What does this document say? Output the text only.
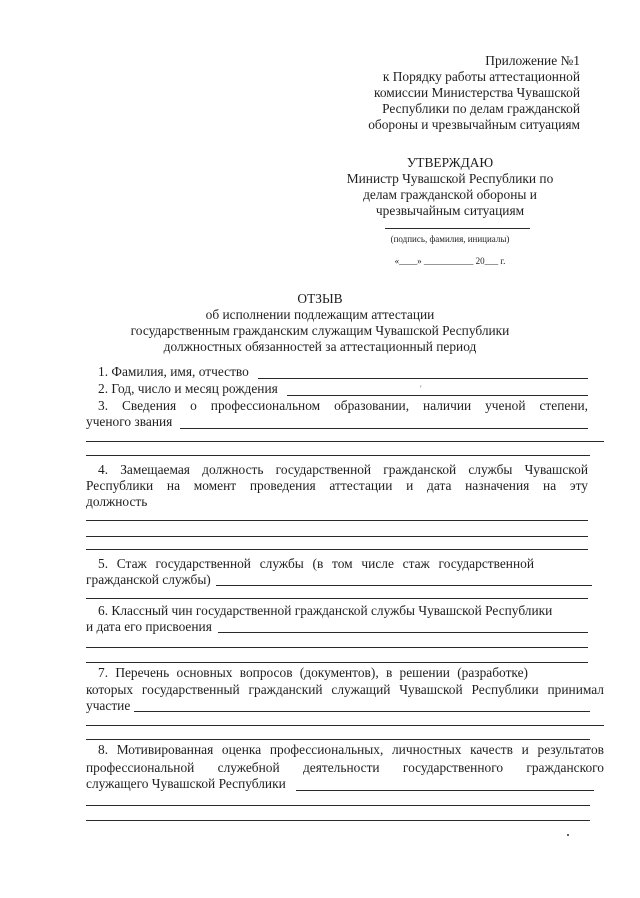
Приложение №1
к Порядку работы аттестационной
комиссии Министерства Чувашской
Республики по делам гражданской
обороны и чрезвычайным ситуациям
УТВЕРЖДАЮ
Министр Чувашской Республики по
делам гражданской обороны и
чрезвычайным ситуациям
(подпись, фамилия, инициалы)
«____» ___________ 20___ г.
ОТЗЫВ
об исполнении подлежащим аттестации
государственным гражданским служащим Чувашской Республики
должностных обязанностей за аттестационный период
1. Фамилия, имя, отчество
2. Год, число и месяц рождения	ʹ
3. Сведения о профессиональном образовании, наличии ученой степени,
ученого звания
4. Замещаемая должность государственной гражданской службы Чувашской
Республики на момент проведения аттестации и дата назначения на эту
должность
5. Стаж государственной службы (в том числе стаж государственной
гражданской службы)
6. Классный чин государственной гражданской службы Чувашской Республики
и дата его присвоения
7. Перечень основных вопросов (документов), в решении (разработке)
которых государственный гражданский служащий Чувашской Республики принимал
участие
8. Мотивированная оценка профессиональных, личностных качеств и результатов
профессиональной служебной деятельности государственного гражданского
служащего Чувашской Республики
